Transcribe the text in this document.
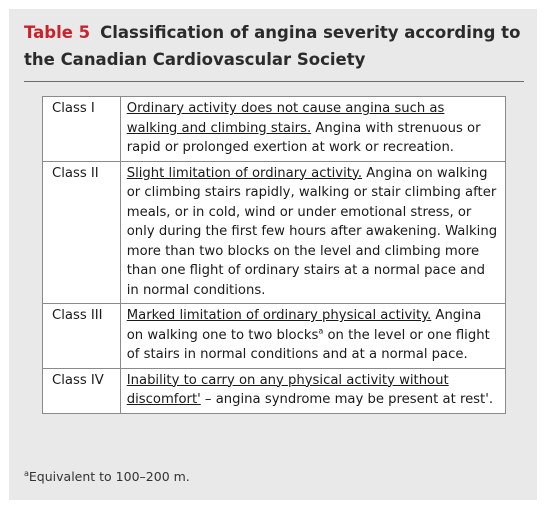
Table 5 Classification of angina severity according to the Canadian Cardiovascular Society
Class I	Ordinary activity does not cause angina such as walking and climbing stairs. Angina with strenuous or rapid or prolonged exertion at work or recreation.
Class II	Slight limitation of ordinary activity. Angina on walking or climbing stairs rapidly, walking or stair climbing after meals, or in cold, wind or under emotional stress, or only during the first few hours after awakening. Walking more than two blocks on the level and climbing more than one flight of ordinary stairs at a normal pace and in normal conditions.
Class III	Marked limitation of ordinary physical activity. Angina on walking one to two blocks$^a$ on the level or one flight of stairs in normal conditions and at a normal pace.
Class IV	Inability to carry on any physical activity without discomfort' – angina syndrome may be present at rest'.
$^a$Equivalent to 100–200 m.
